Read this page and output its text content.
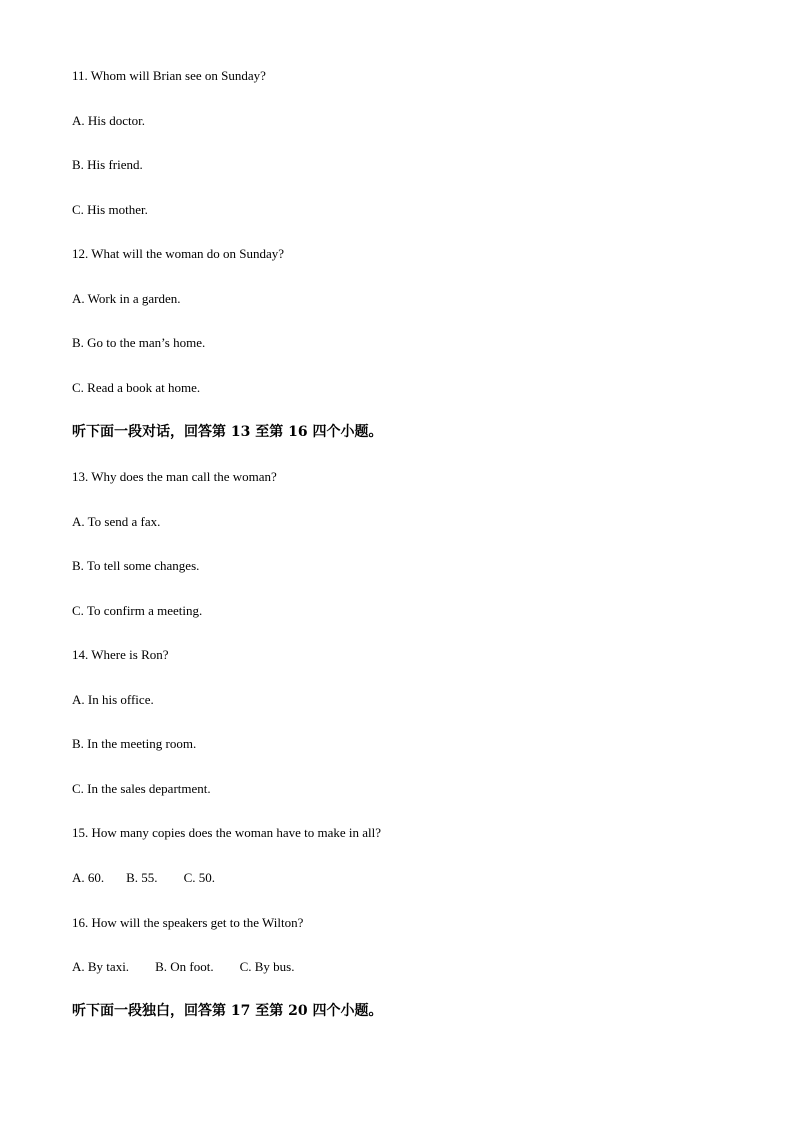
11. Whom will Brian see on Sunday?
A. His doctor.
B. His friend.
C. His mother.
12. What will the woman do on Sunday?
A. Work in a garden.
B. Go to the man’s home.
C. Read a book at home.
听下面一段对话，回答第 13 至第 16 四个小题。
13. Why does the man call the woman?
A. To send a fax.
B. To tell some changes.
C. To confirm a meeting.
14. Where is Ron?
A. In his office.
B. In the meeting room.
C. In the sales department.
15. How many copies does the woman have to make in all?
A. 60. B. 55. C. 50.
16. How will the speakers get to the Wilton?
A. By taxi. B. On foot. C. By bus.
听下面一段独白，回答第 17 至第 20 四个小题。
